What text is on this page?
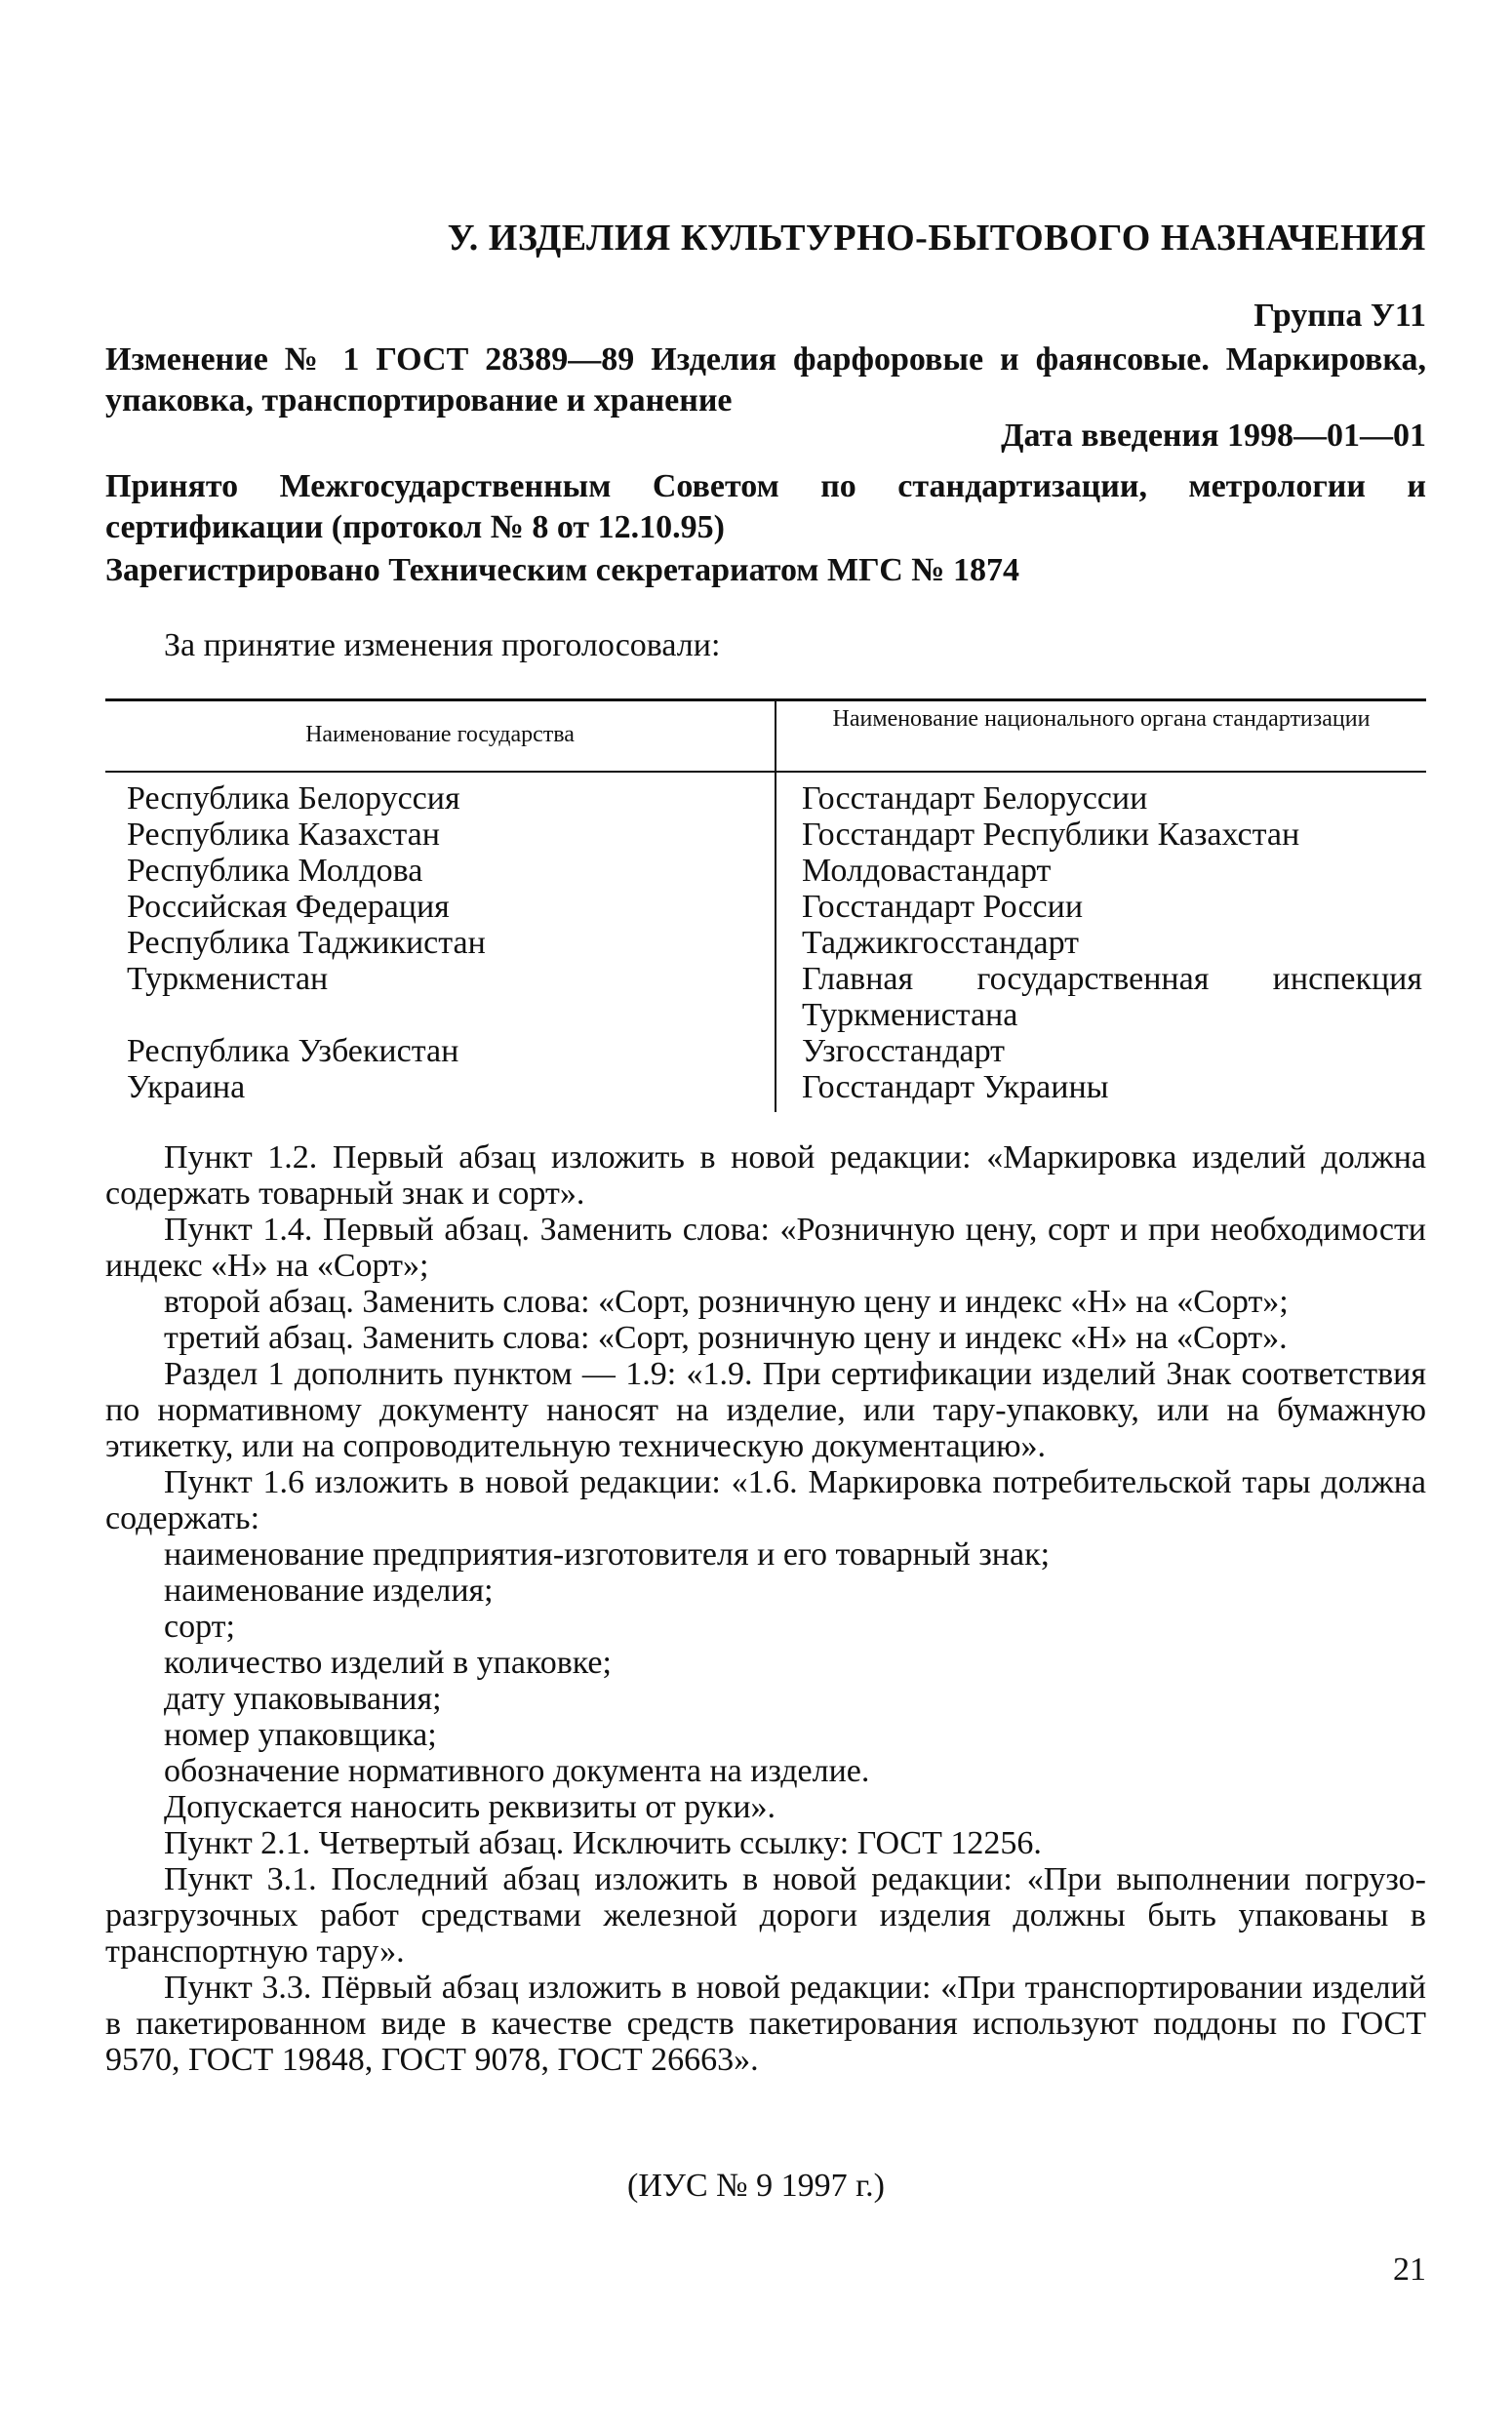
У. ИЗДЕЛИЯ КУЛЬТУРНО-БЫТОВОГО НАЗНАЧЕНИЯ
Группа У11
Изменение № 1 ГОСТ 28389—89 Изделия фарфоровые и фаянсовые. Маркировка, упаковка, транспортирование и хранение
Дата введения 1998—01—01
Принято Межгосударственным Советом по стандартизации, метрологии и сертификации (протокол № 8 от 12.10.95)
Зарегистрировано Техническим секретариатом МГС № 1874
За принятие изменения проголосовали:
Наименование государства
Наименование национального органа стандартизации
Республика Белоруссия
Республика Казахстан
Республика Молдова
Российская Федерация
Республика Таджикистан
Туркменистан
Республика Узбекистан
Украина
Госстандарт Белоруссии
Госстандарт Республики Казахстан
Молдовастандарт
Госстандарт России
Таджикгосстандарт
Главная государственная инспекция
Туркменистана
Узгосстандарт
Госстандарт Украины

Пункт 1.2. Первый абзац изложить в новой редакции: «Маркировка изделий должна содержать товарный знак и сорт».

Пункт 1.4. Первый абзац. Заменить слова: «Розничную цену, сорт и при необходимости индекс «Н» на «Сорт»;

второй абзац. Заменить слова: «Сорт, розничную цену и индекс «Н» на «Сорт»;

третий абзац. Заменить слова: «Сорт, розничную цену и индекс «Н» на «Сорт».

Раздел 1 дополнить пунктом — 1.9: «1.9. При сертификации изделий Знак соответствия по нормативному документу наносят на изделие, или тару-упаковку, или на бумажную этикетку, или на сопроводительную техническую документацию».

Пункт 1.6 изложить в новой редакции: «1.6. Маркировка потребительской тары должна содержать:

наименование предприятия-изготовителя и его товарный знак;

наименование изделия;

сорт;

количество изделий в упаковке;

дату упаковывания;

номер упаковщика;

обозначение нормативного документа на изделие.

Допускается наносить реквизиты от руки».

Пункт 2.1. Четвертый абзац. Исключить ссылку: ГОСТ 12256.

Пункт 3.1. Последний абзац изложить в новой редакции: «При выполнении погрузо-разгрузочных работ средствами железной дороги изделия должны быть упакованы в транспортную тару».

Пункт 3.3. Пёрвый абзац изложить в новой редакции: «При транспортировании изделий в пакетированном виде в качестве средств пакетирования используют поддоны по ГОСТ 9570, ГОСТ 19848, ГОСТ 9078, ГОСТ 26663».

(ИУС № 9 1997 г.)
21
